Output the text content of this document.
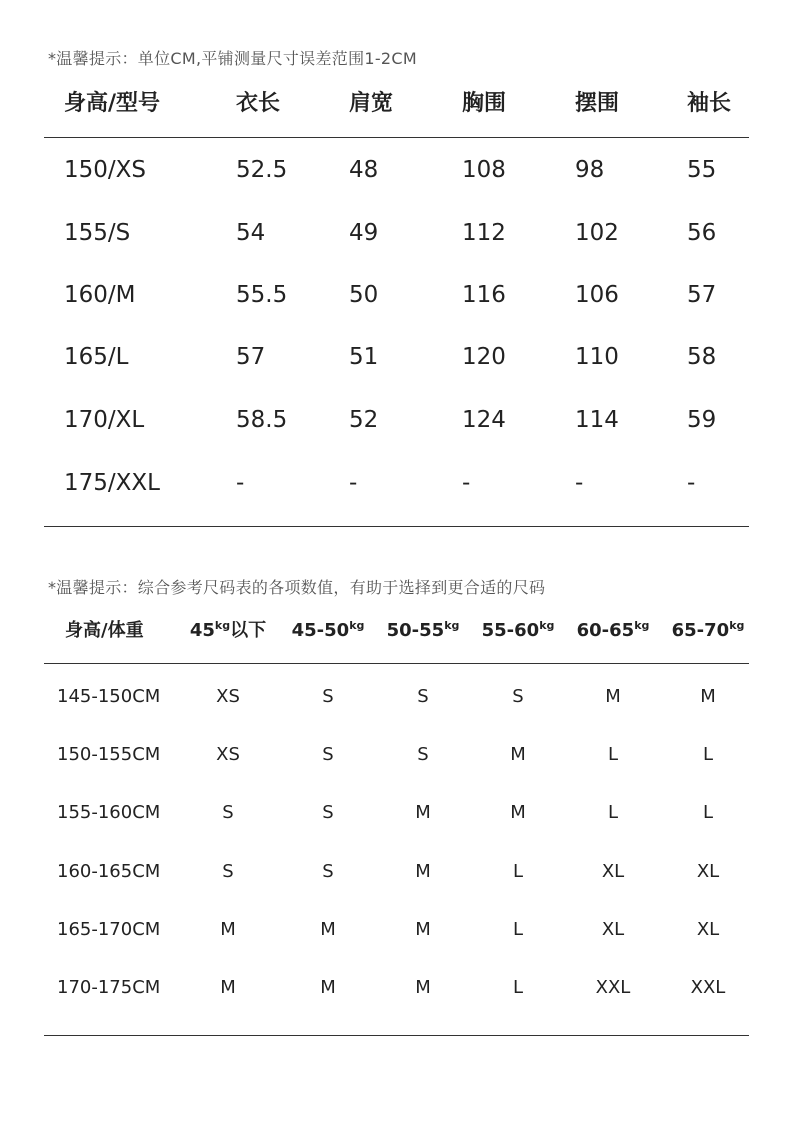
*温馨提示：单位CM,平铺测量尺寸误差范围1-2CM
身高/型号	衣长	肩宽	胸围	摆围	袖长
150/XS	52.5	48	108	98	55
155/S	54	49	112	102	56
160/M	55.5	50	116	106	57
165/L	57	51	120	110	58
170/XL	58.5	52	124	114	59
175/XXL	-	-	-	-	-
*温馨提示：综合参考尺码表的各项数值，有助于选择到更合适的尺码
身高/体重	$45^{kg}$以下 $45-50^{kg}$ $50-55^{kg}$ $55-60^{kg}$ $60-65^{kg}$ $65-70^{kg}$
145-150CM	XS	S	S	S	M	M
150-155CM	XS	S	S	M	L	L
155-160CM	S	S	M	M	L	L
160-165CM	S	S	M	L	XL	XL
165-170CM	M	M	M	L	XL	XL
170-175CM	M	M	M	L	XXL	XXL
